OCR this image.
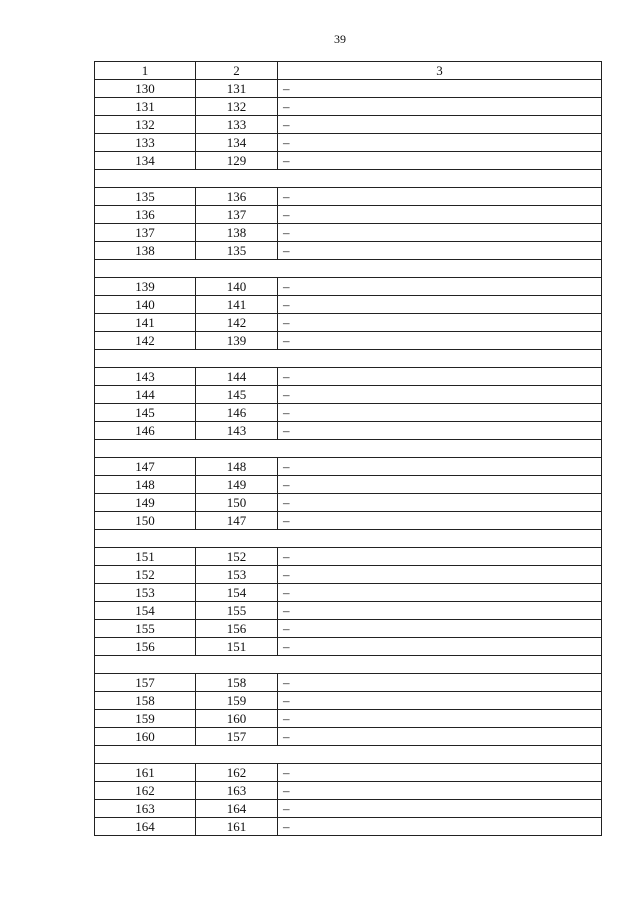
39
1	2	3
130	131	–
131	132	–
132	133	–
133	134	–
134	129	–

135	136	–
136	137	–
137	138	–
138	135	–

139	140	–
140	141	–
141	142	–
142	139	–

143	144	–
144	145	–
145	146	–
146	143	–

147	148	–
148	149	–
149	150	–
150	147	–

151	152	–
152	153	–
153	154	–
154	155	–
155	156	–
156	151	–

157	158	–
158	159	–
159	160	–
160	157	–

161	162	–
162	163	–
163	164	–
164	161	–
